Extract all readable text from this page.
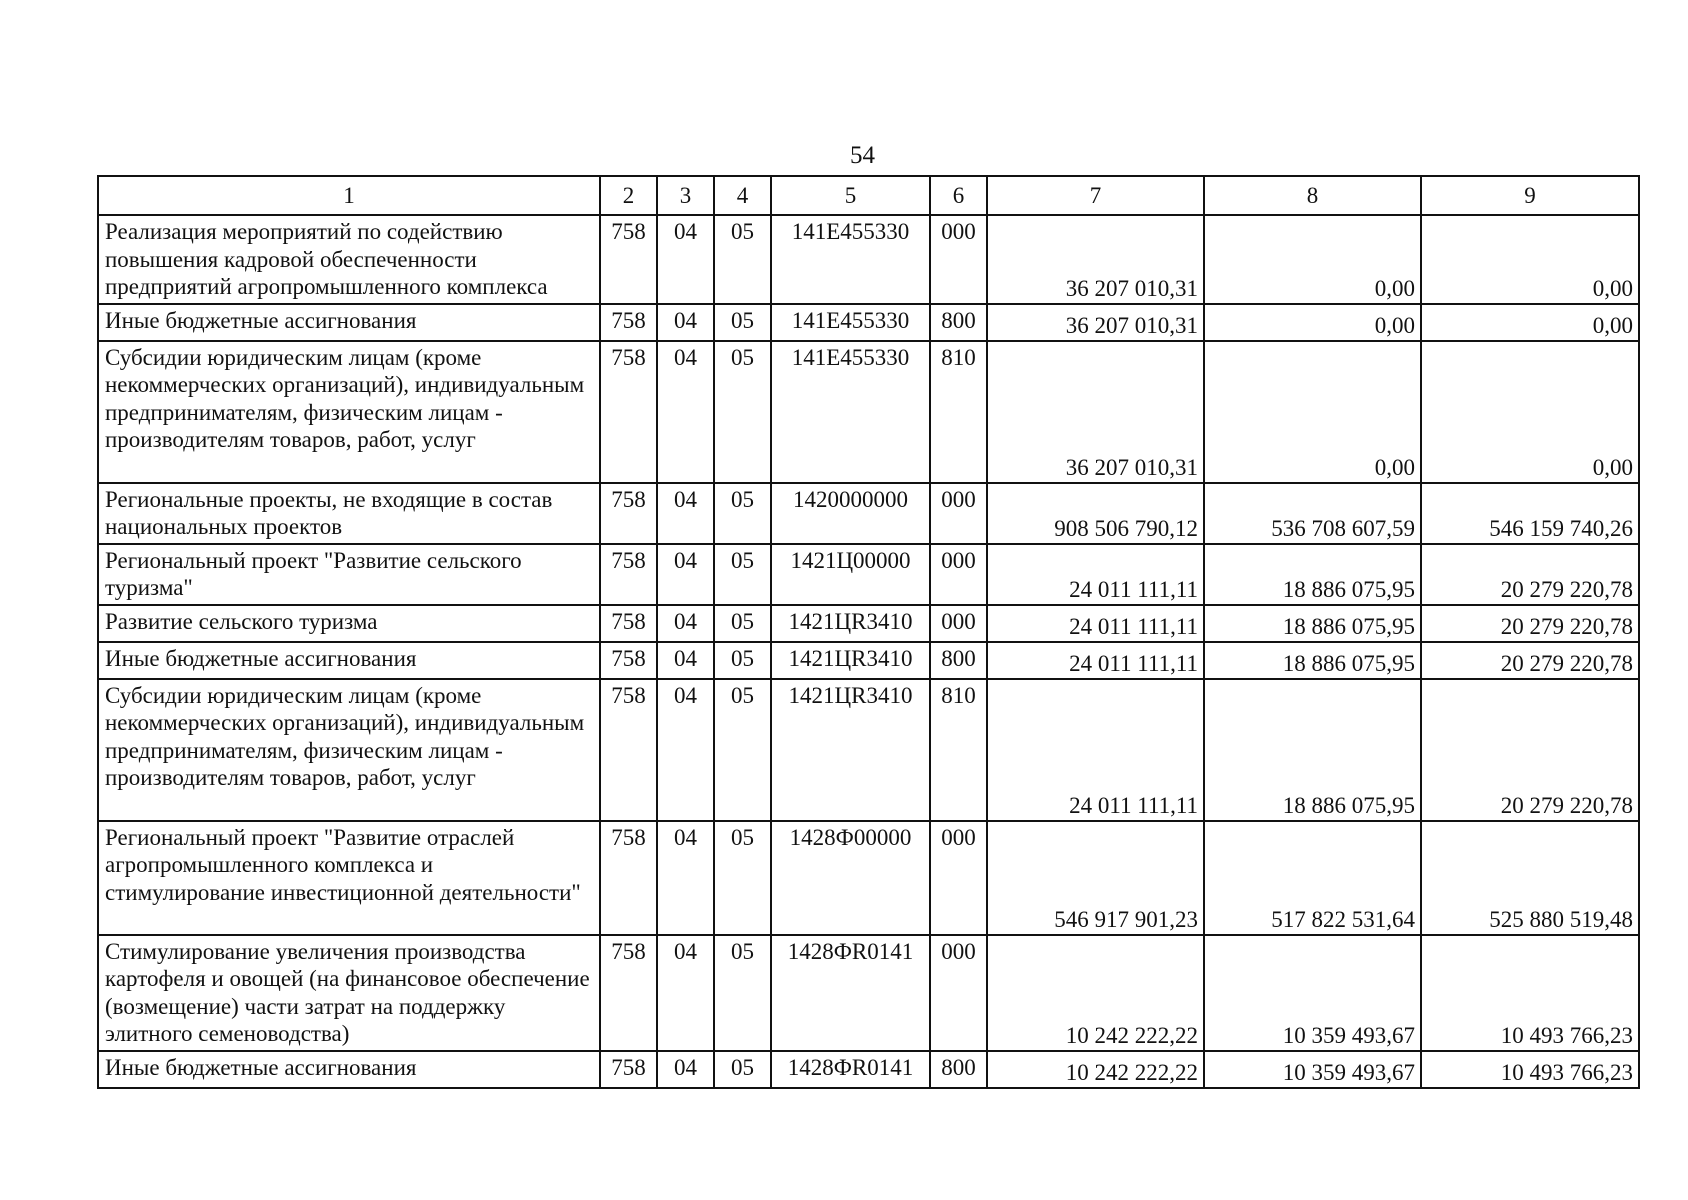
54
1	2	3	4	5	6	7	8	9
Реализация мероприятий по содействию повышения кадровой обеспеченности предприятий агропромышленного комплекса	758	04	05	141E455330	000	36 207 010,31	0,00	0,00
Иные бюджетные ассигнования	758	04	05	141E455330	800	36 207 010,31	0,00	0,00
Субсидии юридическим лицам (кроме некоммерческих организаций), индивидуальным предпринимателям, физическим лицам - производителям товаров, работ, услуг	758	04	05	141E455330	810	36 207 010,31	0,00	0,00
Региональные проекты, не входящие в состав национальных проектов	758	04	05	1420000000	000	908 506 790,12	536 708 607,59	546 159 740,26
Региональный проект "Развитие сельского туризма"	758	04	05	1421Ц00000	000	24 011 111,11	18 886 075,95	20 279 220,78
Развитие сельского туризма	758	04	05	1421ЦR3410	000	24 011 111,11	18 886 075,95	20 279 220,78
Иные бюджетные ассигнования	758	04	05	1421ЦR3410	800	24 011 111,11	18 886 075,95	20 279 220,78
Субсидии юридическим лицам (кроме некоммерческих организаций), индивидуальным предпринимателям, физическим лицам - производителям товаров, работ, услуг	758	04	05	1421ЦR3410	810	24 011 111,11	18 886 075,95	20 279 220,78
Региональный проект "Развитие отраслей агропромышленного комплекса и стимулирование инвестиционной деятельности"	758	04	05	1428Ф00000	000	546 917 901,23	517 822 531,64	525 880 519,48
Стимулирование увеличения производства картофеля и овощей (на финансовое обеспечение (возмещение) части затрат на поддержку элитного семеноводства)	758	04	05	1428ФR0141	000	10 242 222,22	10 359 493,67	10 493 766,23
Иные бюджетные ассигнования	758	04	05	1428ФR0141	800	10 242 222,22	10 359 493,67	10 493 766,23
